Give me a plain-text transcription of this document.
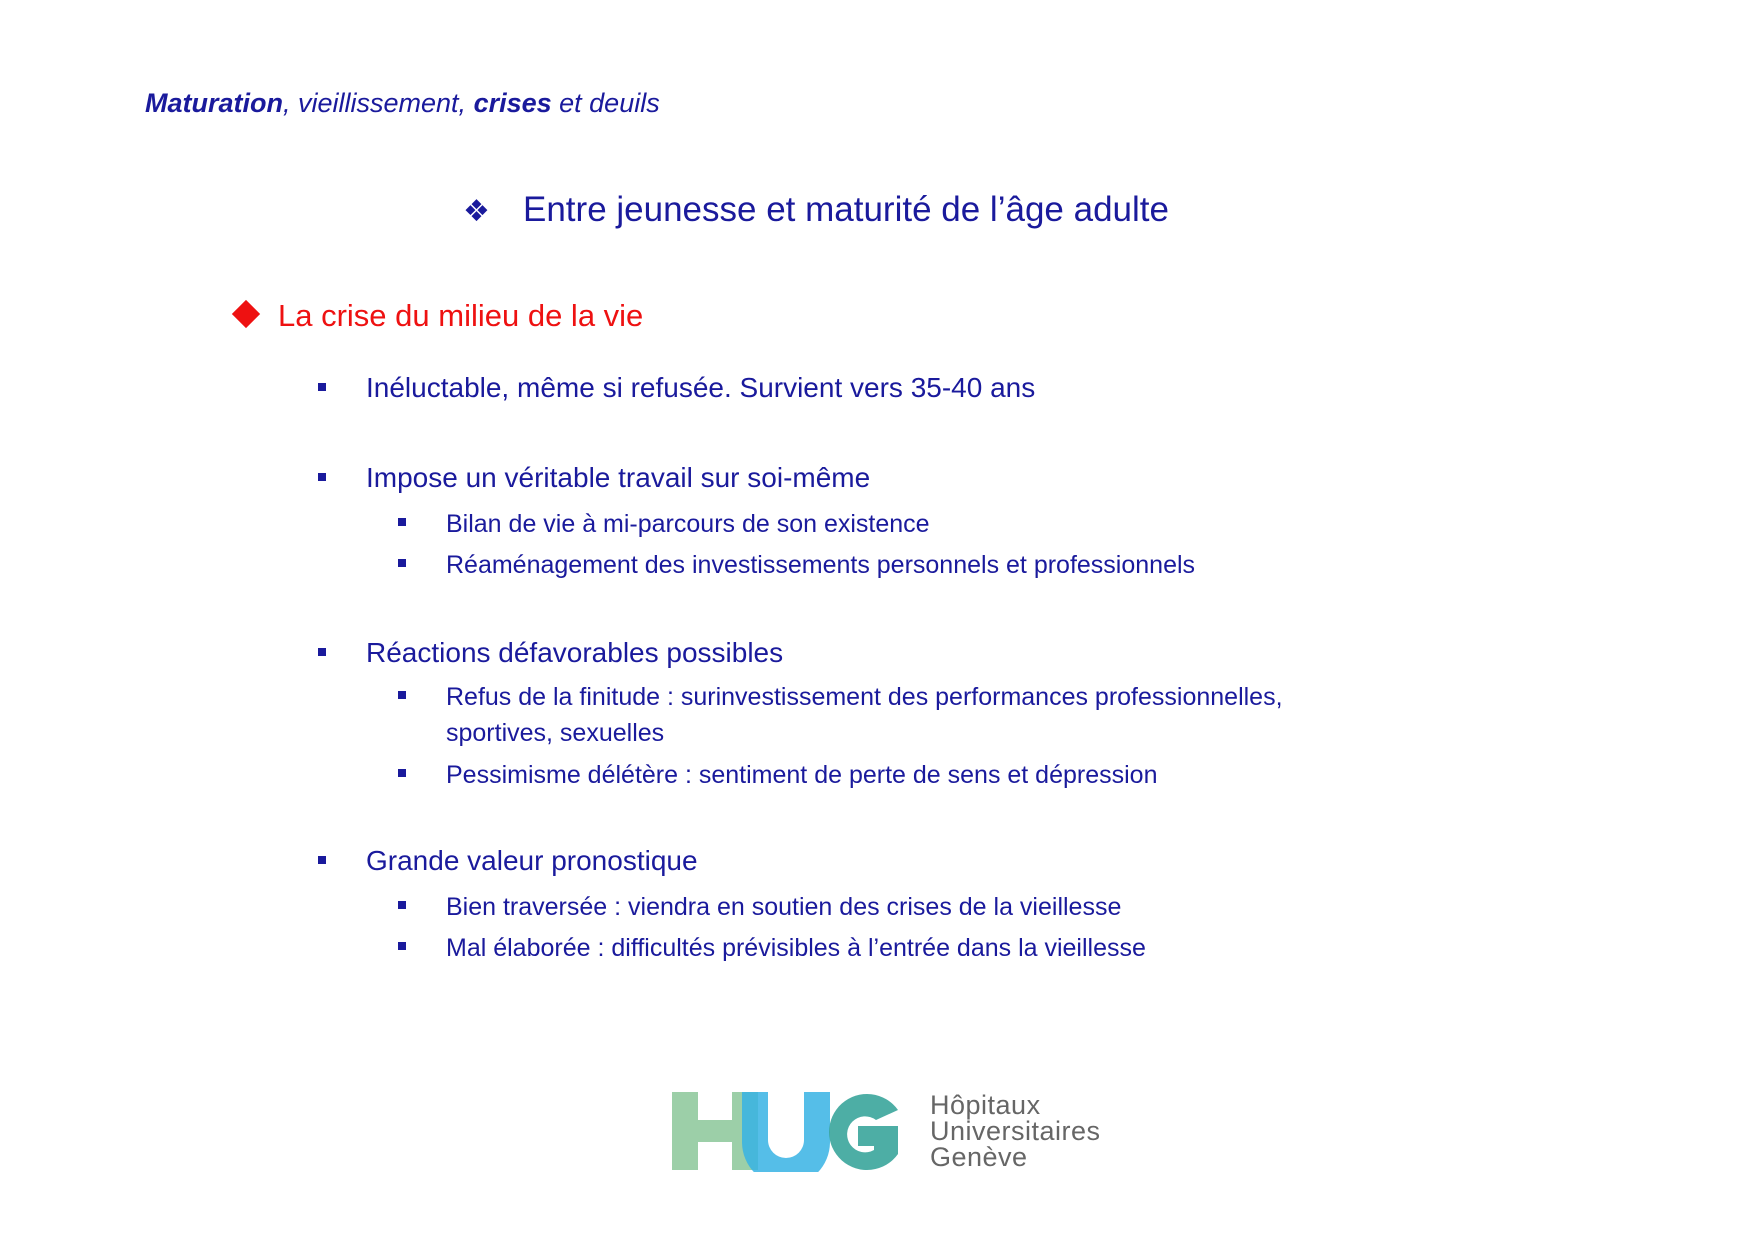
Maturation, vieillissement, crises et deuils
❖ Entre jeunesse et maturité de l’âge adulte
La crise du milieu de la vie
Inéluctable, même si refusée. Survient vers 35-40 ans
Impose un véritable travail sur soi-même
Bilan de vie à mi-parcours de son existence
Réaménagement des investissements personnels et professionnels
Réactions défavorables possibles
Refus de la finitude : surinvestissement des performances professionnelles, sportives, sexuelles
Pessimisme délétère : sentiment de perte de sens et dépression
Grande valeur pronostique
Bien traversée : viendra en soutien des crises de la vieillesse
Mal élaborée : difficultés prévisibles à l’entrée dans la vieillesse
Hôpitaux
Universitaires
Genève
